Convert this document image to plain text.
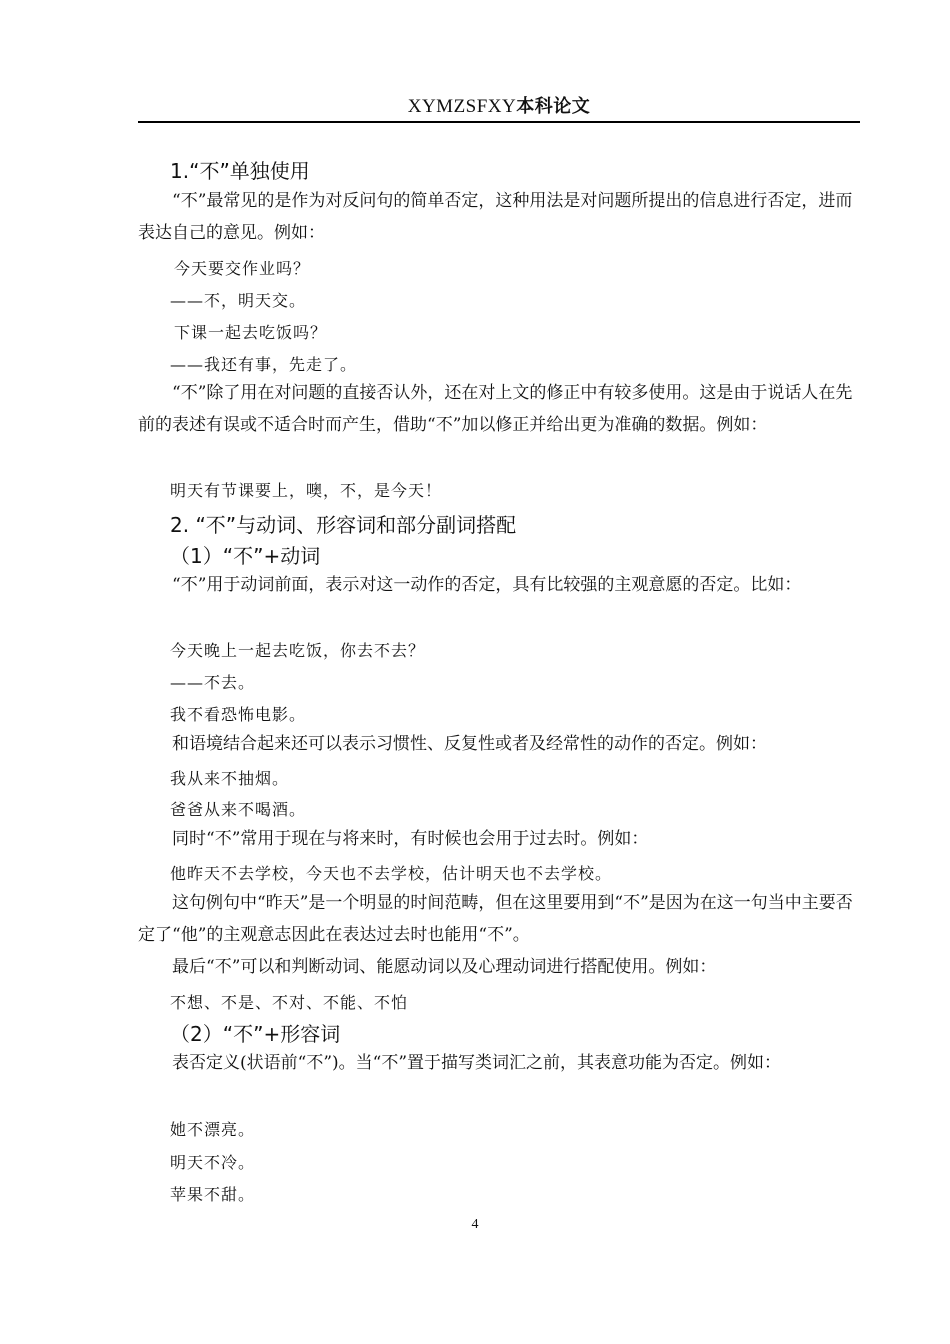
XYMZSFXY本科论文
1.“不”单独使用
“不”最常见的是作为对反问句的简单否定，这种用法是对问题所提出的信息进行否定，进而表达自己的意见。例如：
今天要交作业吗？
——不，明天交。
下课一起去吃饭吗？
——我还有事，先走了。
“不”除了用在对问题的直接否认外，还在对上文的修正中有较多使用。这是由于说话人在先前的表述有误或不适合时而产生，借助“不”加以修正并给出更为准确的数据。例如：
明天有节课要上，噢，不，是今天！
2. “不”与动词、形容词和部分副词搭配
（1）“不”+动词
“不”用于动词前面，表示对这一动作的否定，具有比较强的主观意愿的否定。比如：
今天晚上一起去吃饭，你去不去？
——不去。
我不看恐怖电影。
和语境结合起来还可以表示习惯性、反复性或者及经常性的动作的否定。例如：
我从来不抽烟。
爸爸从来不喝酒。
同时“不”常用于现在与将来时，有时候也会用于过去时。例如：
他昨天不去学校，今天也不去学校，估计明天也不去学校。
这句例句中“昨天”是一个明显的时间范畴，但在这里要用到“不”是因为在这一句当中主要否定了“他”的主观意志因此在表达过去时也能用“不”。
最后“不”可以和判断动词、能愿动词以及心理动词进行搭配使用。例如：
不想、不是、不对、不能、不怕
（2）“不”+形容词
表否定义(状语前“不”)。当“不”置于描写类词汇之前，其表意功能为否定。例如：
她不漂亮。
明天不冷。
苹果不甜。
4
